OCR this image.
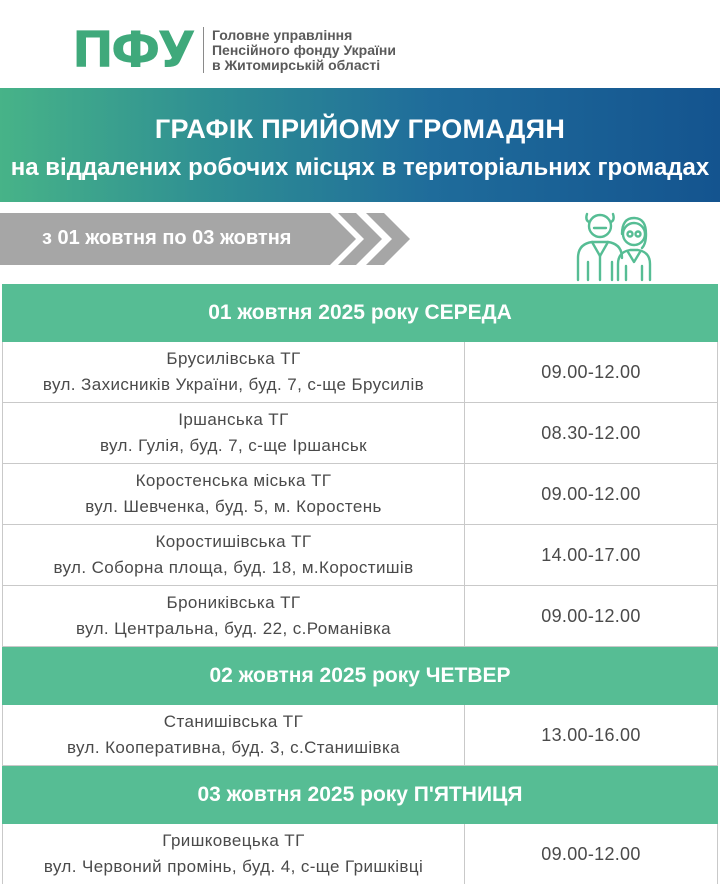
ПФУ Головне управління
Пенсійного фонду України
в Житомирській області
ГРАФІК ПРИЙОМУ ГРОМАДЯН
на віддалених робочих місцях в територіальних громадах
з 01 жовтня по 03 жовтня
01 жовтня 2025 року СЕРЕДА
Брусилівська ТГ
вул. Захисників України, буд. 7, с-ще Брусилів
09.00-12.00
Іршанська ТГ
вул. Гулія, буд. 7, с-ще Іршанськ
08.30-12.00
Коростенська міська ТГ
вул. Шевченка, буд. 5, м. Коростень
09.00-12.00
Коростишівська ТГ
вул. Соборна площа, буд. 18, м.Коростишів
14.00-17.00
Брониківська ТГ
вул. Центральна, буд. 22, с.Романівка
09.00-12.00
02 жовтня 2025 року ЧЕТВЕР
Станишівська ТГ
вул. Кооперативна, буд. 3, с.Станишівка
13.00-16.00
03 жовтня 2025 року П'ЯТНИЦЯ
Гришковецька ТГ
вул. Червоний промінь, буд. 4, с-ще Гришківці
09.00-12.00
